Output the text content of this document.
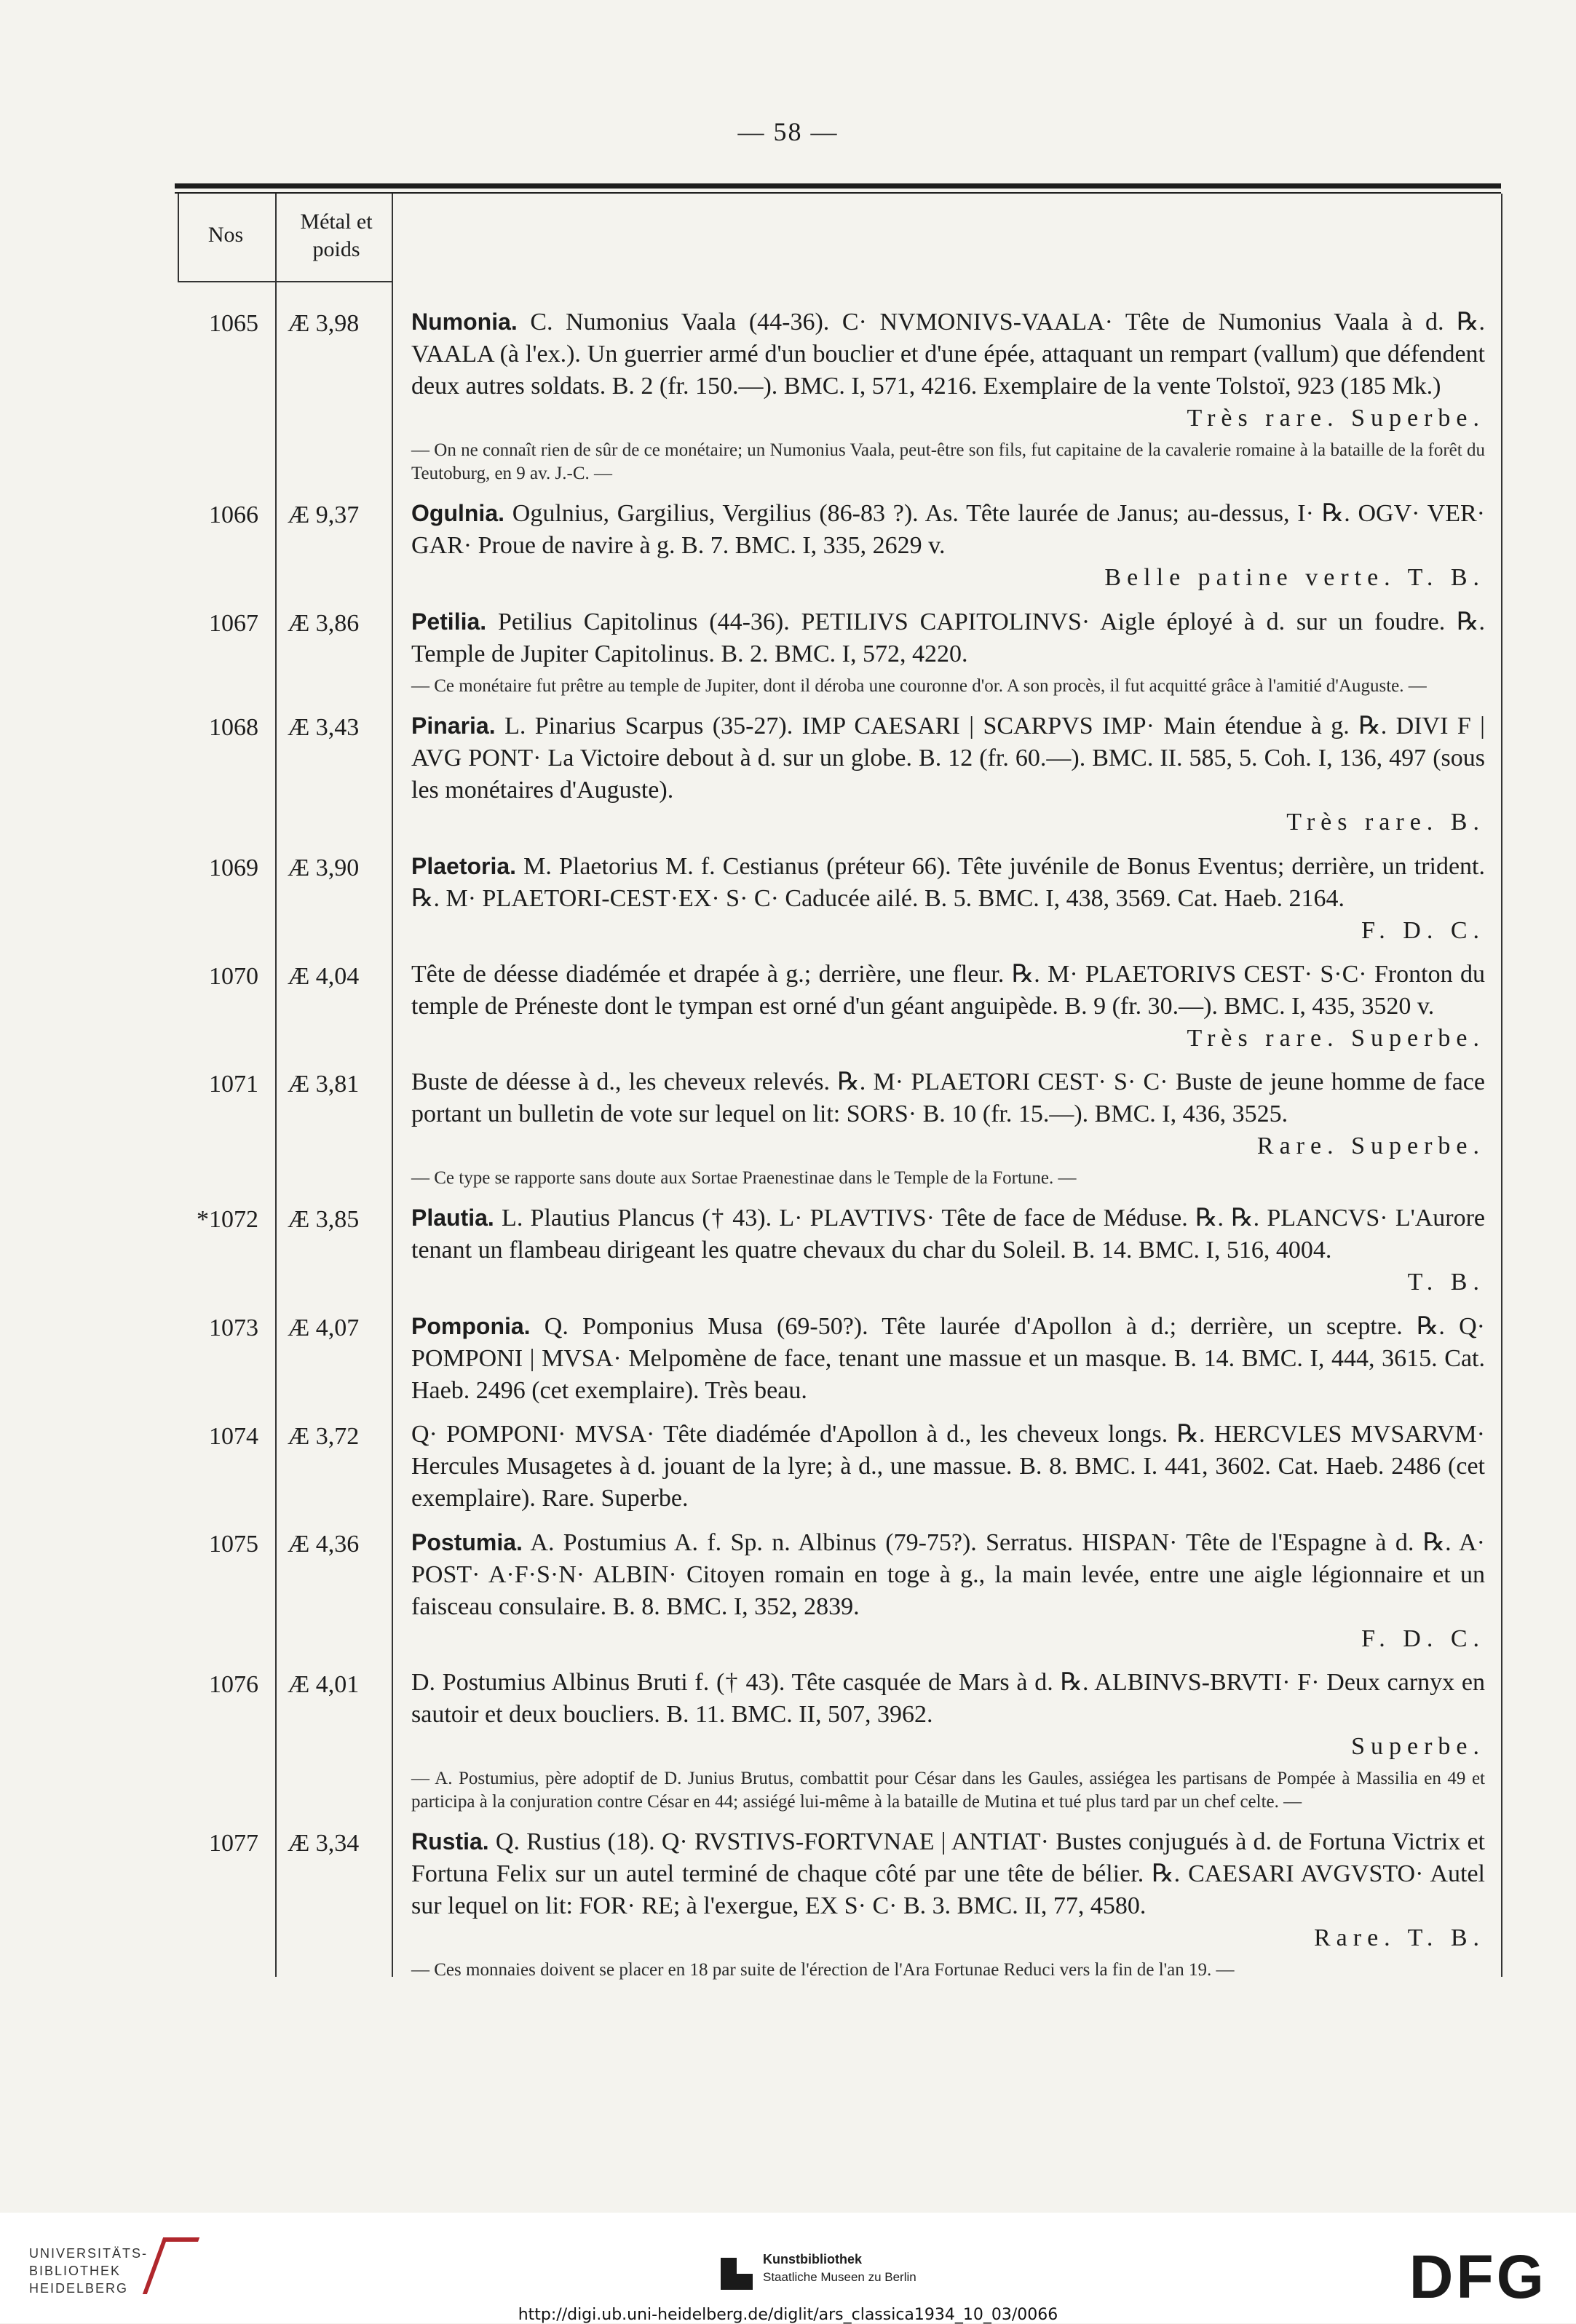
— 58 —
Nos
Métal et poids
1065 Æ 3,98	Numonia. C. Numonius Vaala (44-36). C· NVMONIVS-VAALA· Tête de Numonius Vaala à d. ℞. VAALA (à l'ex.). Un guerrier armé d'un bouclier et d'une épée, attaquant un rempart (vallum) que défendent deux autres soldats. B. 2 (fr. 150.—). BMC. I, 571, 4216. Exemplaire de la vente Tolstoï, 923 (185 Mk.)
Très rare. Superbe.
— On ne connaît rien de sûr de ce monétaire; un Numonius Vaala, peut-être son fils, fut capitaine de la cavalerie romaine à la bataille de la forêt du Teutoburg, en 9 av. J.-C. —
1066 Æ 9,37	Ogulnia. Ogulnius, Gargilius, Vergilius (86-83 ?). As. Tête laurée de Janus; au-dessus, I· ℞. OGV· VER· GAR· Proue de navire à g. B. 7. BMC. I, 335, 2629 v.
Belle patine verte. T. B.
1067 Æ 3,86	Petilia. Petilius Capitolinus (44-36). PETILIVS CAPITOLINVS· Aigle éployé à d. sur un foudre. ℞. Temple de Jupiter Capitolinus. B. 2. BMC. I, 572, 4220.
— Ce monétaire fut prêtre au temple de Jupiter, dont il déroba une couronne d'or. A son procès, il fut acquitté grâce à l'amitié d'Auguste. —
1068 Æ 3,43	Pinaria. L. Pinarius Scarpus (35-27). IMP CAESARI | SCARPVS IMP· Main étendue à g. ℞. DIVI F | AVG PONT· La Victoire debout à d. sur un globe. B. 12 (fr. 60.—). BMC. II. 585, 5. Coh. I, 136, 497 (sous les monétaires d'Auguste).
Très rare. B.
1069 Æ 3,90	Plaetoria. M. Plaetorius M. f. Cestianus (préteur 66). Tête juvénile de Bonus Eventus; derrière, un trident. ℞. M· PLAETORI-CEST·EX· S· C· Caducée ailé. B. 5. BMC. I, 438, 3569. Cat. Haeb. 2164.
F. D. C.
1070 Æ 4,04	Tête de déesse diadémée et drapée à g.; derrière, une fleur. ℞. M· PLAETORIVS CEST· S·C· Fronton du temple de Préneste dont le tympan est orné d'un géant anguipède. B. 9 (fr. 30.—). BMC. I, 435, 3520 v.
Très rare. Superbe.
1071 Æ 3,81	Buste de déesse à d., les cheveux relevés. ℞. M· PLAETORI CEST· S· C· Buste de jeune homme de face portant un bulletin de vote sur lequel on lit: SORS· B. 10 (fr. 15.—). BMC. I, 436, 3525.
Rare. Superbe.
— Ce type se rapporte sans doute aux Sortae Praenestinae dans le Temple de la Fortune. —
*1072 Æ 3,85	Plautia. L. Plautius Plancus († 43). L· PLAVTIVS· Tête de face de Méduse. ℞. ℞. PLANCVS· L'Aurore tenant un flambeau dirigeant les quatre chevaux du char du Soleil. B. 14. BMC. I, 516, 4004.
T. B.
1073 Æ 4,07	Pomponia. Q. Pomponius Musa (69-50?). Tête laurée d'Apollon à d.; derrière, un sceptre. ℞. Q· POMPONI | MVSA· Melpomène de face, tenant une massue et un masque. B. 14. BMC. I, 444, 3615. Cat. Haeb. 2496 (cet exemplaire). Très beau.
1074 Æ 3,72	Q· POMPONI· MVSA· Tête diadémée d'Apollon à d., les cheveux longs. ℞. HERCVLES MVSARVM· Hercules Musagetes à d. jouant de la lyre; à d., une massue. B. 8. BMC. I. 441, 3602. Cat. Haeb. 2486 (cet exemplaire). Rare. Superbe.
1075 Æ 4,36	Postumia. A. Postumius A. f. Sp. n. Albinus (79-75?). Serratus. HISPAN· Tête de l'Espagne à d. ℞. A· POST· A·F·S·N· ALBIN· Citoyen romain en toge à g., la main levée, entre une aigle légionnaire et un faisceau consulaire. B. 8. BMC. I, 352, 2839.
F. D. C.
1076 Æ 4,01	D. Postumius Albinus Bruti f. († 43). Tête casquée de Mars à d. ℞. ALBINVS-BRVTI· F· Deux carnyx en sautoir et deux boucliers. B. 11. BMC. II, 507, 3962.
Superbe.
— A. Postumius, père adoptif de D. Junius Brutus, combattit pour César dans les Gaules, assiégea les partisans de Pompée à Massilia en 49 et participa à la conjuration contre César en 44; assiégé lui-même à la bataille de Mutina et tué plus tard par un chef celte. —
1077 Æ 3,34	Rustia. Q. Rustius (18). Q· RVSTIVS-FORTVNAE | ANTIAT· Bustes conjugués à d. de Fortuna Victrix et Fortuna Felix sur un autel terminé de chaque côté par une tête de bélier. ℞. CAESARI AVGVSTO· Autel sur lequel on lit: FOR· RE; à l'exergue, EX S· C· B. 3. BMC. II, 77, 4580.
Rare. T. B.
— Ces monnaies doivent se placer en 18 par suite de l'érection de l'Ara Fortunae Reduci vers la fin de l'an 19. —
UNIVERSITÄTS-
BIBLIOTHEK
HEIDELBERG
Kunstbibliothek
Staatliche Museen zu Berlin	DFG
http://digi.ub.uni-heidelberg.de/diglit/ars_classica1934_10_03/0066
